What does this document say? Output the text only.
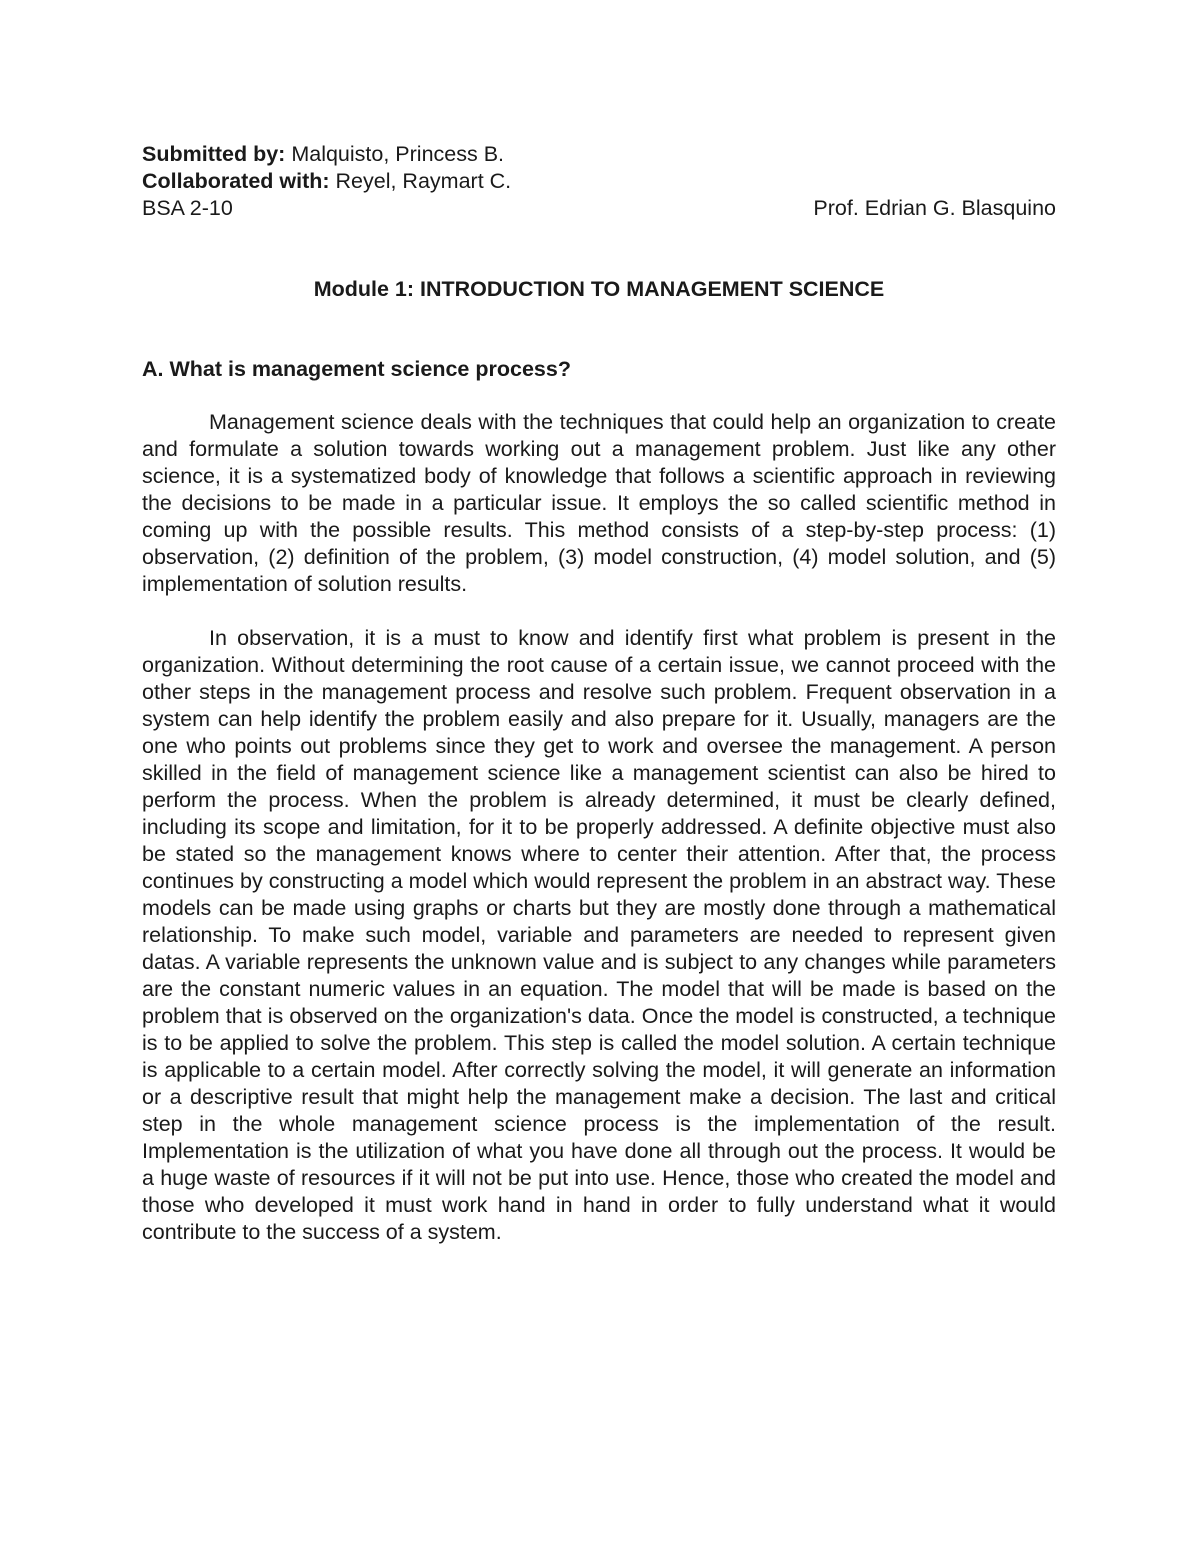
Submitted by: Malquisto, Princess B.
Collaborated with: Reyel, Raymart C.
BSA 2-10	Prof. Edrian G. Blasquino
Module 1: INTRODUCTION TO MANAGEMENT SCIENCE
A. What is management science process?

Management science deals with the techniques that could help an organization to create and formulate a solution towards working out a management problem. Just like any other science, it is a systematized body of knowledge that follows a scientific approach in reviewing the decisions to be made in a particular issue. It employs the so called scientific method in coming up with the possible results. This method consists of a step-by-step process: (1) observation, (2) definition of the problem, (3) model construction, (4) model solution, and (5) implementation of solution results.

In observation, it is a must to know and identify first what problem is present in the organization. Without determining the root cause of a certain issue, we cannot proceed with the other steps in the management process and resolve such problem. Frequent observation in a system can help identify the problem easily and also prepare for it. Usually, managers are the one who points out problems since they get to work and oversee the management. A person skilled in the field of management science like a management scientist can also be hired to perform the process. When the problem is already determined, it must be clearly defined, including its scope and limitation, for it to be properly addressed. A definite objective must also be stated so the management knows where to center their attention. After that, the process continues by constructing a model which would represent the problem in an abstract way. These models can be made using graphs or charts but they are mostly done through a mathematical relationship. To make such model, variable and parameters are needed to represent given datas. A variable represents the unknown value and is subject to any changes while parameters are the constant numeric values in an equation. The model that will be made is based on the problem that is observed on the organization's data. Once the model is constructed, a technique is to be applied to solve the problem. This step is called the model solution. A certain technique is applicable to a certain model. After correctly solving the model, it will generate an information or a descriptive result that might help the management make a decision. The last and critical step in the whole management science process is the implementation of the result. Implementation is the utilization of what you have done all through out the process. It would be a huge waste of resources if it will not be put into use. Hence, those who created the model and those who developed it must work hand in hand in order to fully understand what it would contribute to the success of a system.
